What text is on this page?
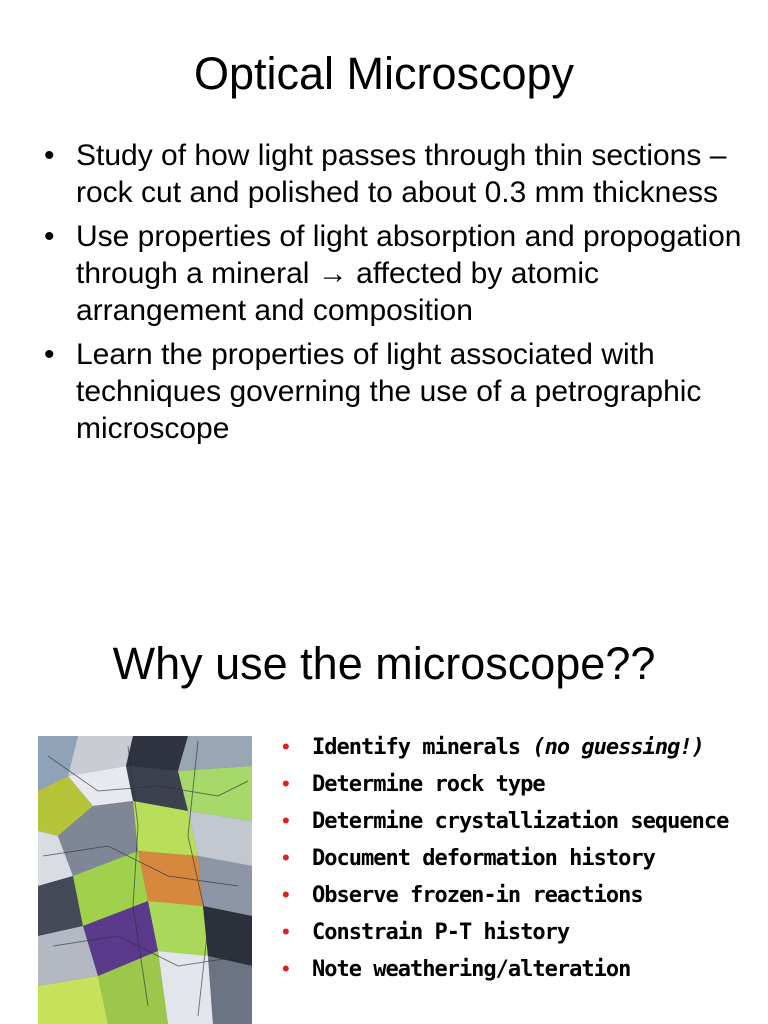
Optical Microscopy
• Study of how light passes through thin sections – rock cut and polished to about 0.3 mm thickness
• Use properties of light absorption and propogation through a mineral → affected by atomic arrangement and composition
• Learn the properties of light associated with techniques governing the use of a petrographic microscope
Why use the microscope??
• Identify minerals (no guessing!)
• Determine rock type
• Determine crystallization sequence
• Document deformation history
• Observe frozen-in reactions
• Constrain P-T history
• Note weathering/alteration
